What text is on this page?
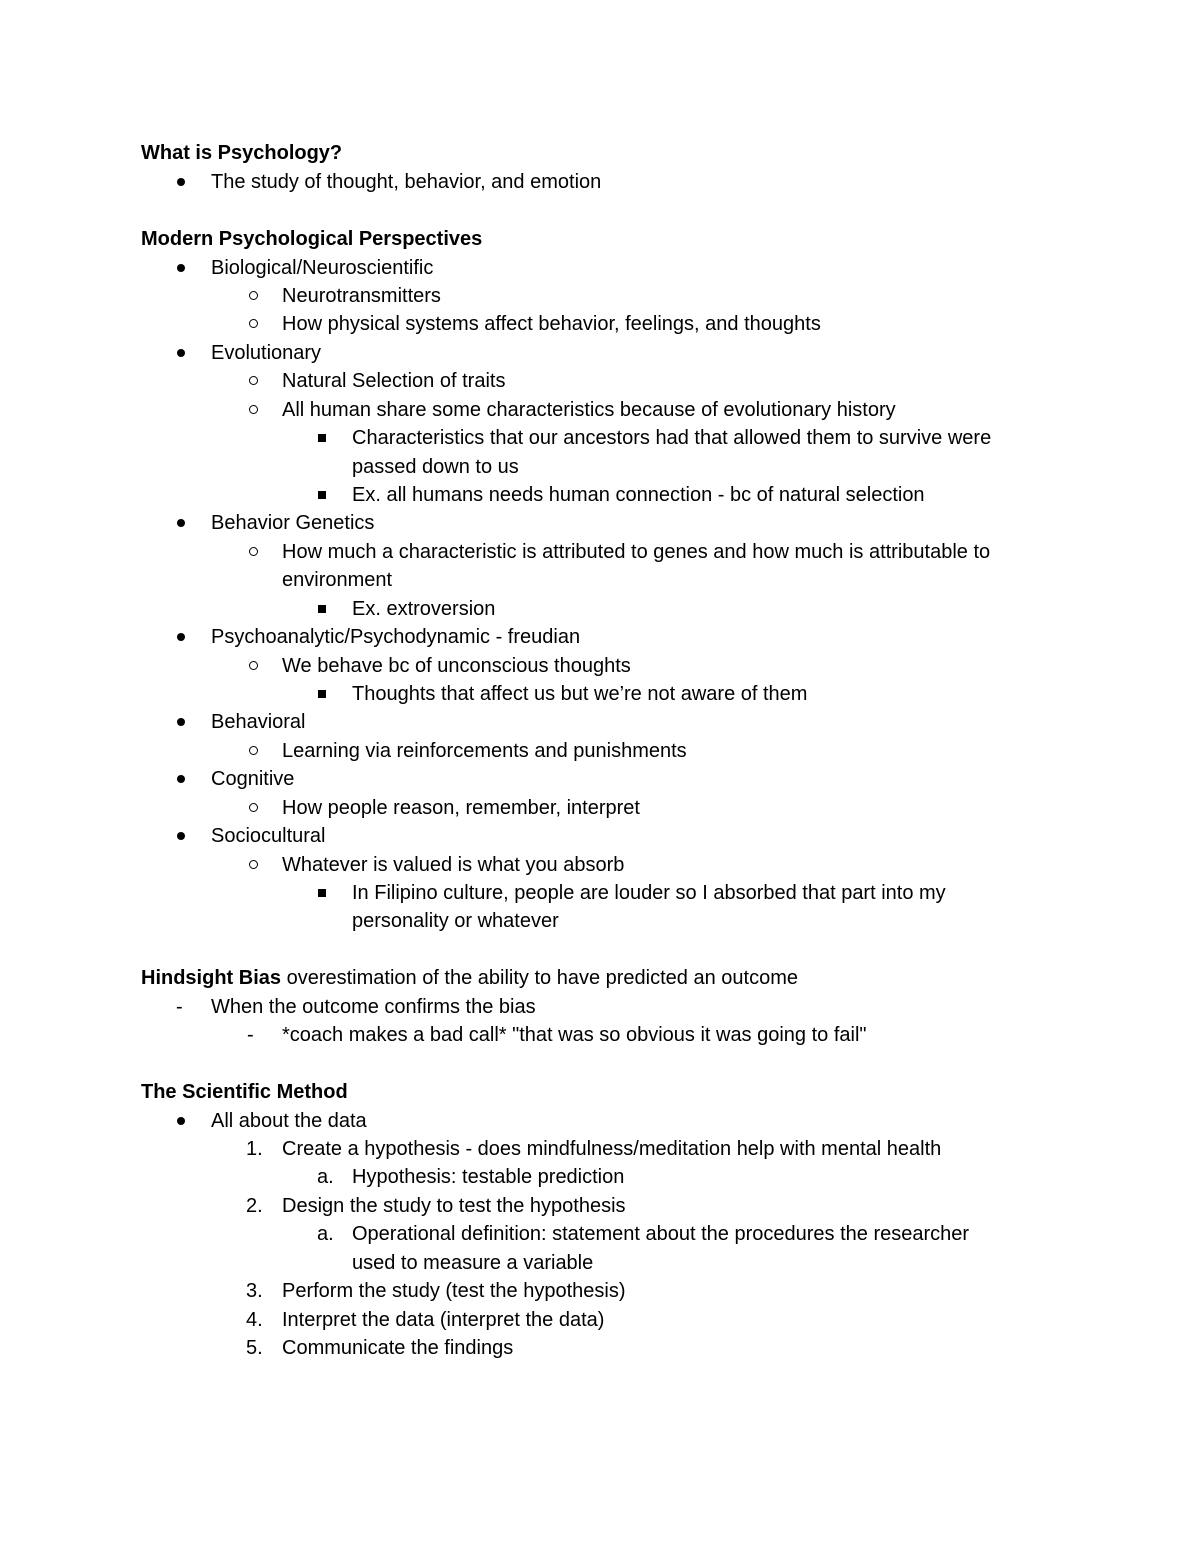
What is Psychology?
The study of thought, behavior, and emotion
Modern Psychological Perspectives
Biological/Neuroscientific
Neurotransmitters
How physical systems affect behavior, feelings, and thoughts
Evolutionary
Natural Selection of traits
All human share some characteristics because of evolutionary history
Characteristics that our ancestors had that allowed them to survive were
passed down to us
Ex. all humans needs human connection - bc of natural selection
Behavior Genetics
How much a characteristic is attributed to genes and how much is attributable to
environment
Ex. extroversion
Psychoanalytic/Psychodynamic - freudian
We behave bc of unconscious thoughts
Thoughts that affect us but we’re not aware of them
Behavioral
Learning via reinforcements and punishments
Cognitive
How people reason, remember, interpret
Sociocultural
Whatever is valued is what you absorb
In Filipino culture, people are louder so I absorbed that part into my
personality or whatever
Hindsight Bias overestimation of the ability to have predicted an outcome
- When the outcome confirms the bias
- *coach makes a bad call* "that was so obvious it was going to fail"
The Scientific Method
All about the data
1. Create a hypothesis - does mindfulness/meditation help with mental health
a. Hypothesis: testable prediction
2. Design the study to test the hypothesis
a. Operational definition: statement about the procedures the researcher
used to measure a variable
3. Perform the study (test the hypothesis)
4. Interpret the data (interpret the data)
5. Communicate the findings
